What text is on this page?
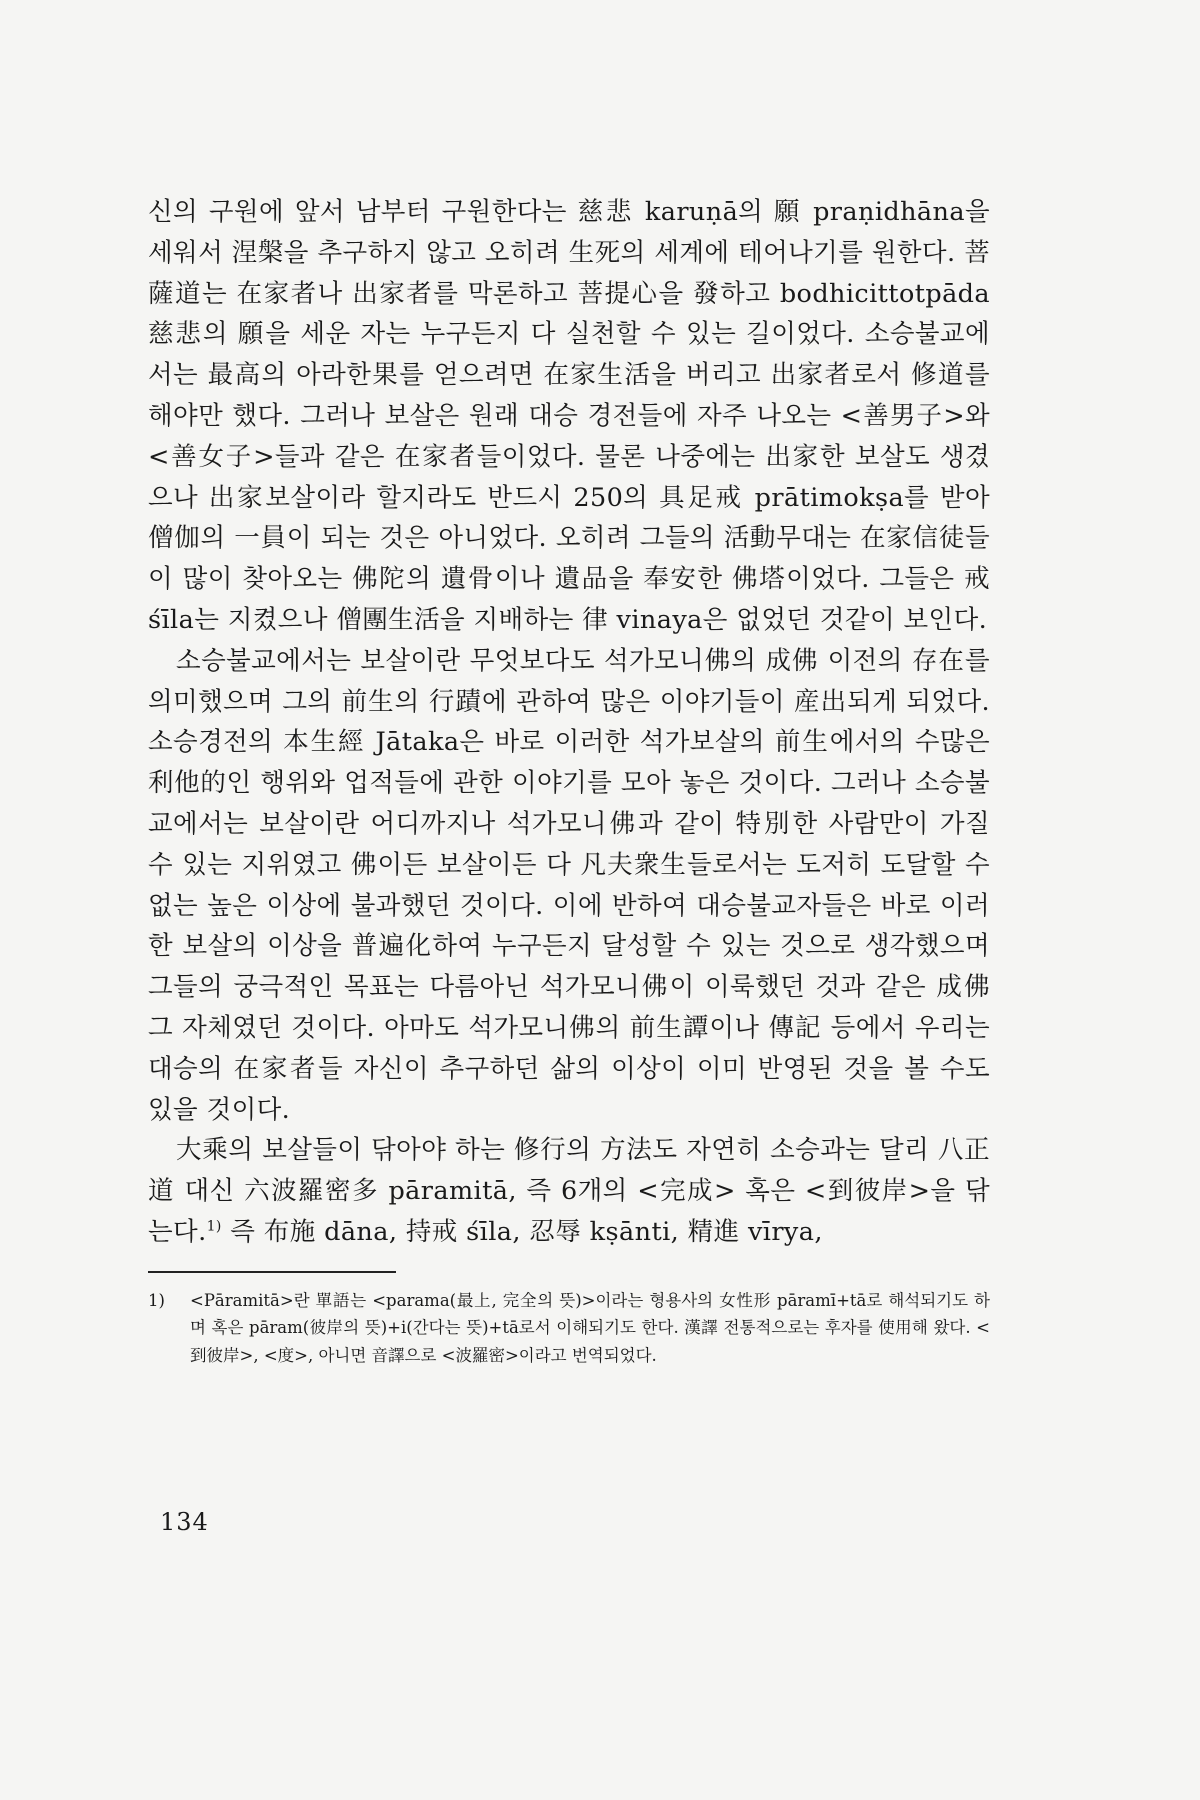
신의 구원에 앞서 남부터 구원한다는 慈悲 karuṇā의 願 praṇidhāna을 세워서 涅槃을 추구하지 않고 오히려 生死의 세계에 테어나기를 원한다. 菩薩道는 在家者나 出家者를 막론하고 菩提心을 發하고 bodhicittotpāda 慈悲의 願을 세운 자는 누구든지 다 실천할 수 있는 길이었다. 소승불교에서는 最高의 아라한果를 얻으려면 在家生活을 버리고 出家者로서 修道를 해야만 했다. 그러나 보살은 원래 대승 경전들에 자주 나오는 <善男子>와 <善女子>들과 같은 在家者들이었다. 물론 나중에는 出家한 보살도 생겼으나 出家보살이라 할지라도 반드시 250의 具足戒 prātimokṣa를 받아 僧伽의 一員이 되는 것은 아니었다. 오히려 그들의 活動무대는 在家信徒들이 많이 찾아오는 佛陀의 遺骨이나 遺品을 奉安한 佛塔이었다. 그들은 戒 śīla는 지켰으나 僧團生活을 지배하는 律 vinaya은 없었던 것같이 보인다.

소승불교에서는 보살이란 무엇보다도 석가모니佛의 成佛 이전의 存在를 의미했으며 그의 前生의 行蹟에 관하여 많은 이야기들이 産出되게 되었다. 소승경전의 本生經 Jātaka은 바로 이러한 석가보살의 前生에서의 수많은 利他的인 행위와 업적들에 관한 이야기를 모아 놓은 것이다. 그러나 소승불교에서는 보살이란 어디까지나 석가모니佛과 같이 特別한 사람만이 가질 수 있는 지위였고 佛이든 보살이든 다 凡夫衆生들로서는 도저히 도달할 수 없는 높은 이상에 불과했던 것이다. 이에 반하여 대승불교자들은 바로 이러한 보살의 이상을 普遍化하여 누구든지 달성할 수 있는 것으로 생각했으며 그들의 궁극적인 목표는 다름아닌 석가모니佛이 이룩했던 것과 같은 成佛 그 자체였던 것이다. 아마도 석가모니佛의 前生譚이나 傳記 등에서 우리는 대승의 在家者들 자신이 추구하던 삶의 이상이 이미 반영된 것을 볼 수도 있을 것이다.

大乘의 보살들이 닦아야 하는 修行의 方法도 자연히 소승과는 달리 八正道 대신 六波羅密多 pāramitā, 즉 6개의 <完成> 혹은 <到彼岸>을 닦는다.$^{1)}$ 즉 布施 dāna, 持戒 śīla, 忍辱 kṣānti, 精進 vīrya,

1) <Pāramitā>란 單語는 <parama(最上, 完全의 뜻)>이라는 형용사의 女性形 pāramī+tā로 해석되기도 하며 혹은 pāram(彼岸의 뜻)+i(간다는 뜻)+tā로서 이해되기도 한다. 漢譯 전통적으로는 후자를 使用해 왔다. <到彼岸>, <度>, 아니면 音譯으로 <波羅密>이라고 번역되었다.
134
